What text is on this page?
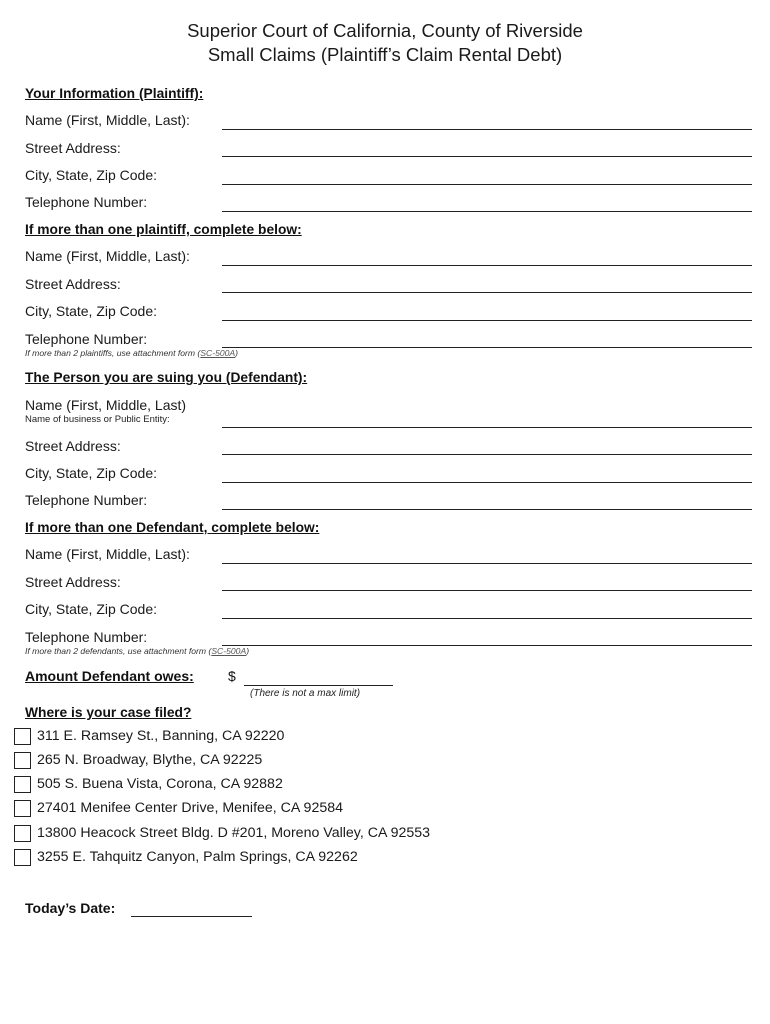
Superior Court of California, County of Riverside
Small Claims (Plaintiff’s Claim Rental Debt)
Your Information (Plaintiff):
Name (First, Middle, Last):
Street Address:
City, State, Zip Code:
Telephone Number:
If more than one plaintiff, complete below:
Name (First, Middle, Last):
Street Address:
City, State, Zip Code:
Telephone Number:
If more than 2 plaintiffs, use attachment form (SC-500A)
The Person you are suing you (Defendant):
Name (First, Middle, Last)
Name of business or Public Entity:
Street Address:
City, State, Zip Code:
Telephone Number:
If more than one Defendant, complete below:
Name (First, Middle, Last):
Street Address:
City, State, Zip Code:
Telephone Number:
If more than 2 defendants, use attachment form (SC-500A)
Amount Defendant owes: $
(There is not a max limit)
Where is your case filed?
311 E. Ramsey St., Banning, CA 92220
265 N. Broadway, Blythe, CA 92225
505 S. Buena Vista, Corona, CA 92882
27401 Menifee Center Drive, Menifee, CA 92584
13800 Heacock Street Bldg. D #201, Moreno Valley, CA 92553
3255 E. Tahquitz Canyon, Palm Springs, CA 92262
Today’s Date:
